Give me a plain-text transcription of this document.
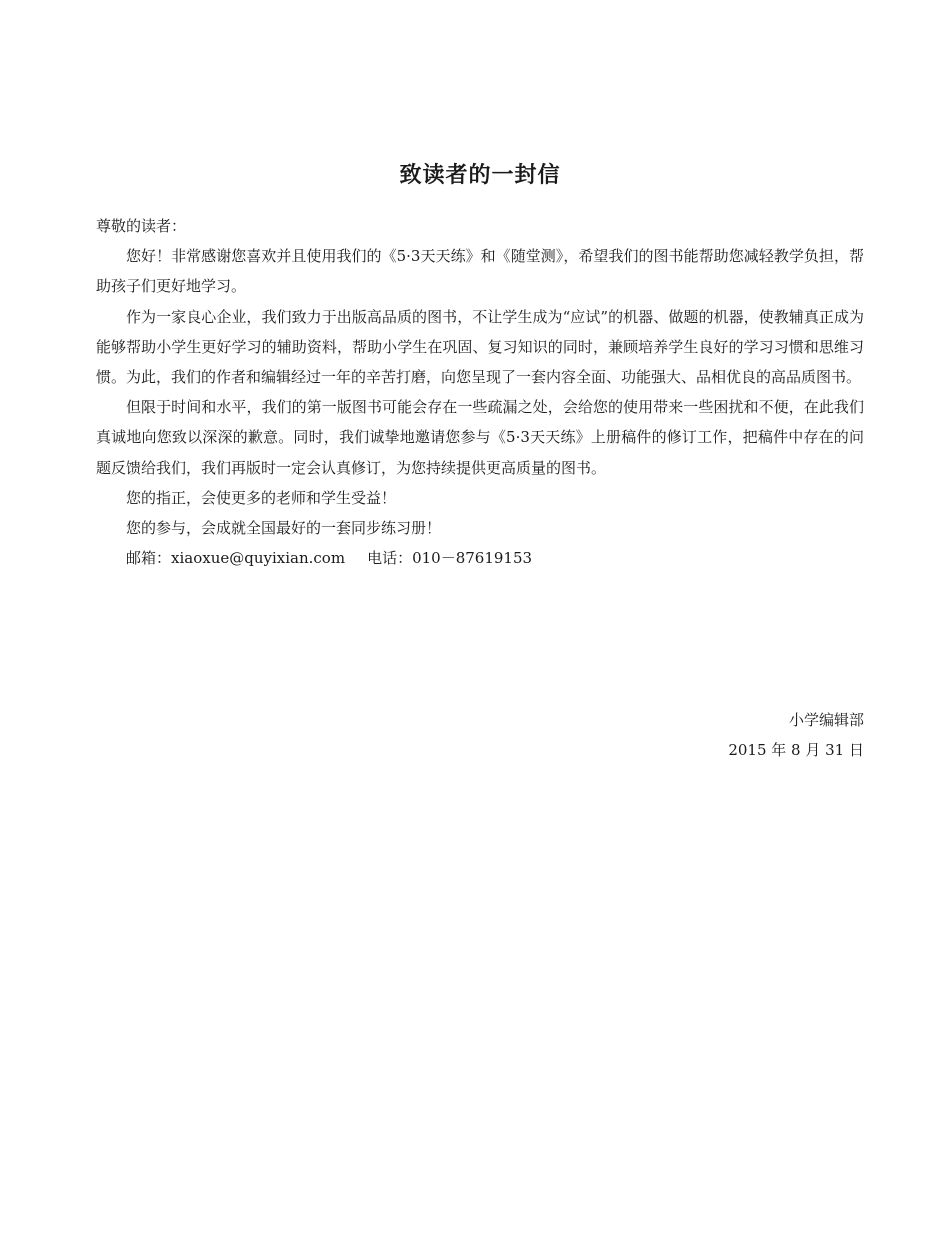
致读者的一封信

尊敬的读者：

您好！非常感谢您喜欢并且使用我们的《5·3天天练》和《随堂测》，希望我们的图书能帮助您减轻教学负担，帮助孩子们更好地学习。

作为一家良心企业，我们致力于出版高品质的图书，不让学生成为“应试”的机器、做题的机器，使教辅真正成为能够帮助小学生更好学习的辅助资料，帮助小学生在巩固、复习知识的同时，兼顾培养学生良好的学习习惯和思维习惯。为此，我们的作者和编辑经过一年的辛苦打磨，向您呈现了一套内容全面、功能强大、品相优良的高品质图书。

但限于时间和水平，我们的第一版图书可能会存在一些疏漏之处，会给您的使用带来一些困扰和不便，在此我们真诚地向您致以深深的歉意。同时，我们诚挚地邀请您参与《5·3天天练》上册稿件的修订工作，把稿件中存在的问题反馈给我们，我们再版时一定会认真修订，为您持续提供更高质量的图书。

您的指正，会使更多的老师和学生受益！

您的参与，会成就全国最好的一套同步练习册！

邮箱：xiaoxue@quyixian.com 电话：010－87619153

小学编辑部
2015 年 8 月 31 日
